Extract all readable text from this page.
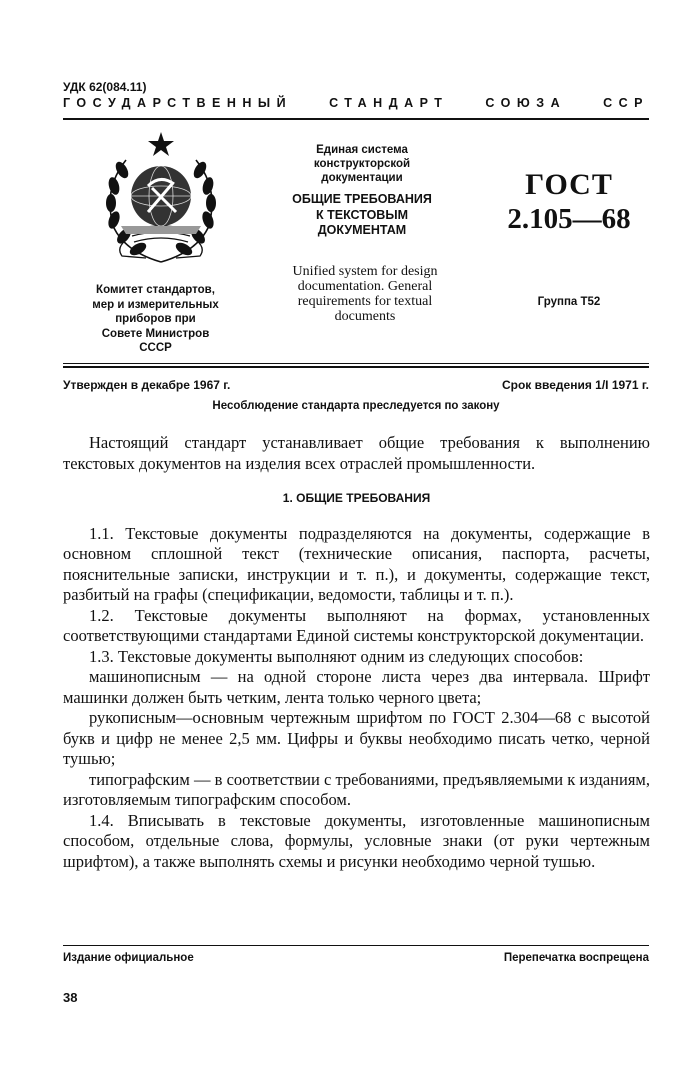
УДК 62(084.11)
ГОСУДАРСТВЕННЫЙ	СТАНДАРТ	СОЮЗА	ССР
Комитет стандартов,
мер и измерительных
приборов при
Совете Министров
СССР
Единая система
конструкторской
документации
ОБЩИЕ ТРЕБОВАНИЯ
К ТЕКСТОВЫМ
ДОКУМЕНТАМ
Unified system for design
documentation. General
requirements for textual
documents
ГОСТ
2.105—68
Группа Т52
Утвержден в декабре 1967 г.	Срок введения 1/I 1971 г.
Несоблюдение стандарта преследуется по закону

Настоящий стандарт устанавливает общие требования к выполнению текстовых документов на изделия всех отраслей промышленности.

1. ОБЩИЕ ТРЕБОВАНИЯ

1.1. Текстовые документы подразделяются на документы, содержащие в основном сплошной текст (технические описания, паспорта, расчеты, пояснительные записки, инструкции и т. п.), и документы, содержащие текст, разбитый на графы (спецификации, ведомости, таблицы и т. п.).

1.2. Текстовые документы выполняют на формах, установленных соответствующими стандартами Единой системы конструкторской документации.

1.3. Текстовые документы выполняют одним из следующих способов:

машинописным — на одной стороне листа через два интервала. Шрифт машинки должен быть четким, лента только черного цвета;

рукописным—основным чертежным шрифтом по ГОСТ 2.304—68 с высотой букв и цифр не менее 2,5 мм. Цифры и буквы необходимо писать четко, черной тушью;

типографским — в соответствии с требованиями, предъявляемыми к изданиям, изготовляемым типографским способом.

1.4. Вписывать в текстовые документы, изготовленные машинописным способом, отдельные слова, формулы, условные знаки (от руки чертежным шрифтом), а также выполнять схемы и рисунки необходимо черной тушью.

Издание официальное	Перепечатка воспрещена
38
